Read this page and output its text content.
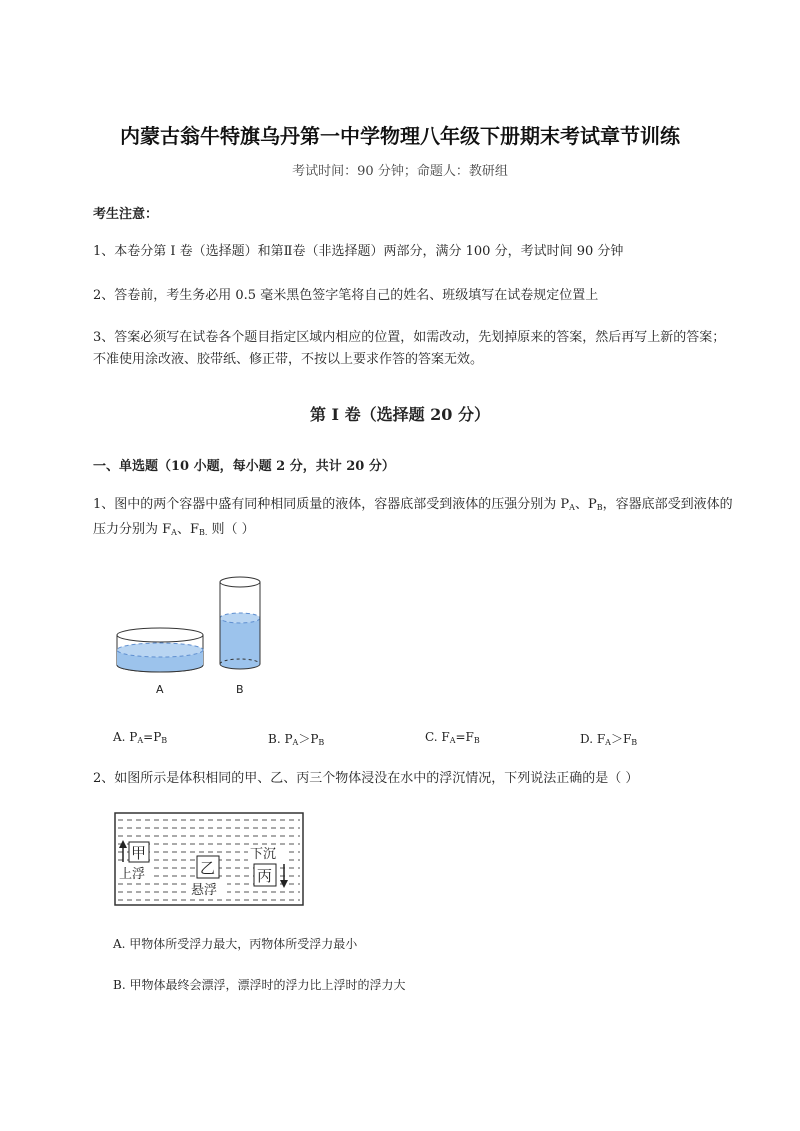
内蒙古翁牛特旗乌丹第一中学物理八年级下册期末考试章节训练
考试时间：90 分钟；命题人：教研组
考生注意：
1、本卷分第 I 卷（选择题）和第Ⅱ卷（非选择题）两部分，满分 100 分，考试时间 90 分钟
2、答卷前，考生务必用 0.5 毫米黑色签字笔将自己的姓名、班级填写在试卷规定位置上
3、答案必须写在试卷各个题目指定区域内相应的位置，如需改动，先划掉原来的答案，然后再写上新的答案；不准使用涂改液、胶带纸、修正带，不按以上要求作答的答案无效。
第 I 卷（选择题 20 分）
一、单选题（10 小题，每小题 2 分，共计 20 分）
1、图中的两个容器中盛有同种相同质量的液体，容器底部受到液体的压强分别为 $P_A$、$P_B$，容器底部受到液体的压力分别为 $F_A$、$F_{B.}$ 则（ ）
A	B
A. $P_A=P_B$	B. $P_A>P_B$	C. $F_A=F_B$	D. $F_A>F_B$
2、如图所示是体积相同的甲、乙、丙三个物体浸没在水中的浮沉情况，下列说法正确的是（ ）
甲
上浮	乙
悬浮
下沉
丙
A. 甲物体所受浮力最大，丙物体所受浮力最小
B. 甲物体最终会漂浮，漂浮时的浮力比上浮时的浮力大
